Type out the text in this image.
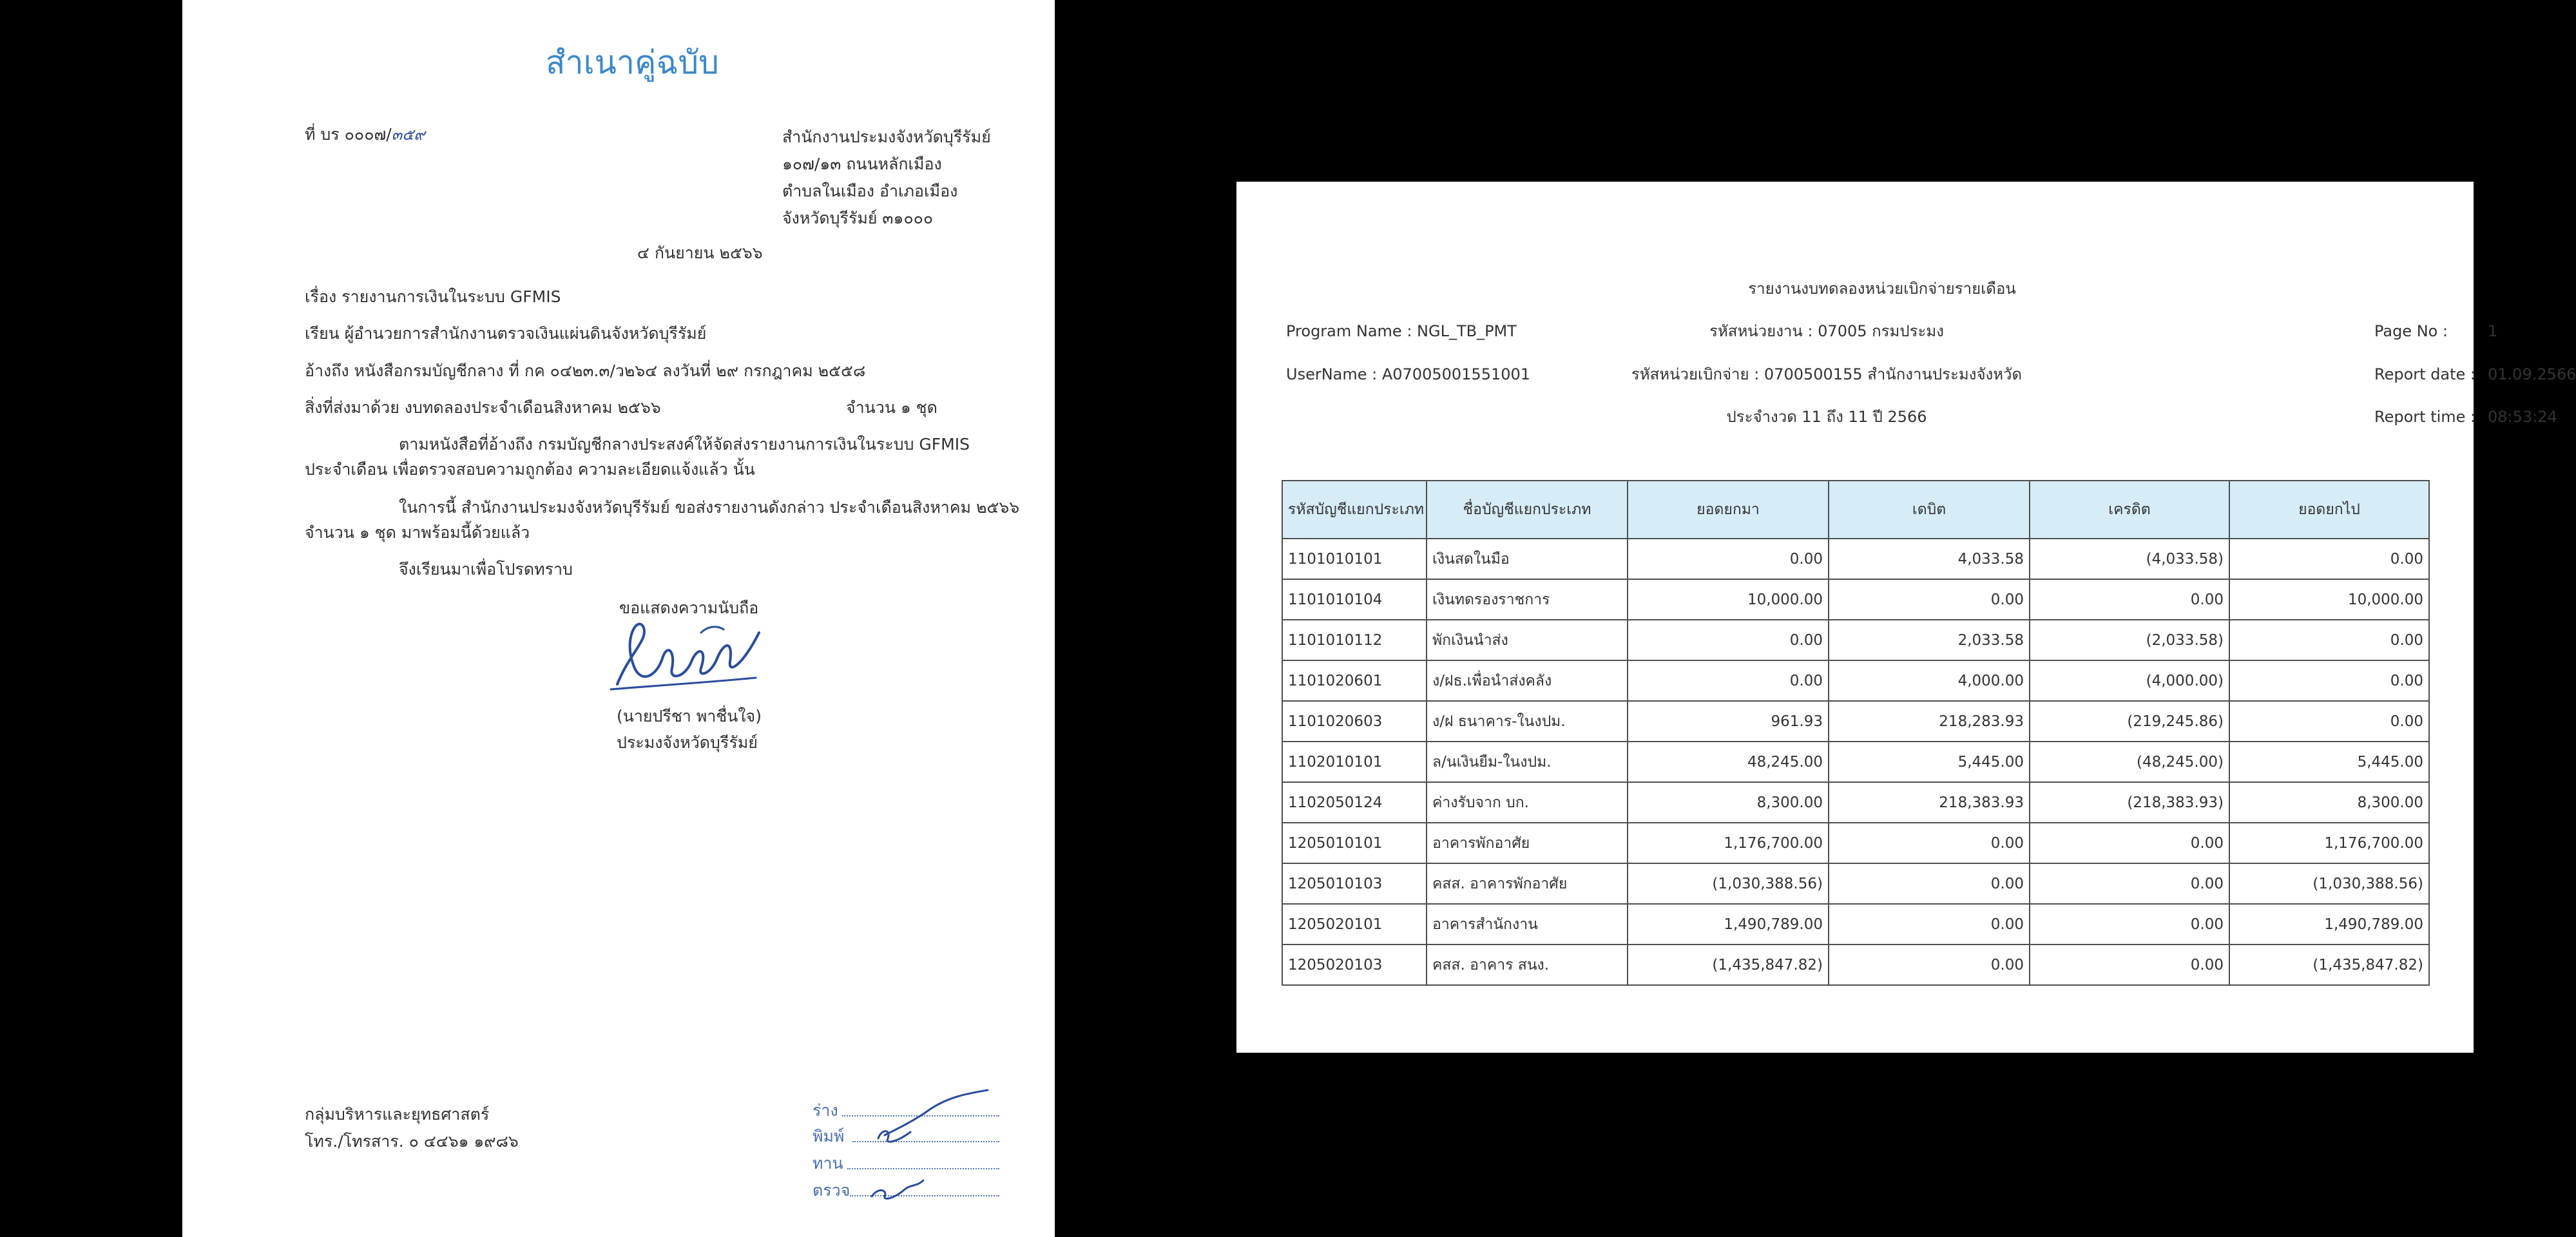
สำเนาคู่ฉบับ
ที่ บร ๐๐๐๗/๓๕๙	สำนักงานประมงจังหวัดบุรีรัมย์
๑๐๗/๑๓ ถนนหลักเมือง
ตำบลในเมือง อำเภอเมือง
จังหวัดบุรีรัมย์ ๓๑๐๐๐
๔ กันยายน ๒๕๖๖
เรื่อง รายงานการเงินในระบบ GFMIS
เรียน ผู้อำนวยการสำนักงานตรวจเงินแผ่นดินจังหวัดบุรีรัมย์
อ้างถึง หนังสือกรมบัญชีกลาง ที่ กค ๐๔๒๓.๓/ว๒๖๔ ลงวันที่ ๒๙ กรกฎาคม ๒๕๕๘
สิ่งที่ส่งมาด้วย งบทดลองประจำเดือนสิงหาคม ๒๕๖๖	จำนวน ๑ ชุด
ตามหนังสือที่อ้างถึง กรมบัญชีกลางประสงค์ให้จัดส่งรายงานการเงินในระบบ GFMIS
ประจำเดือน เพื่อตรวจสอบความถูกต้อง ความละเอียดแจ้งแล้ว นั้น
ในการนี้ สำนักงานประมงจังหวัดบุรีรัมย์ ขอส่งรายงานดังกล่าว ประจำเดือนสิงหาคม ๒๕๖๖
จำนวน ๑ ชุด มาพร้อมนี้ด้วยแล้ว
จึงเรียนมาเพื่อโปรดทราบ
ขอแสดงความนับถือ
(นายปรีชา พาชื่นใจ)
ประมงจังหวัดบุรีรัมย์
กลุ่มบริหารและยุทธศาสตร์
โทร./โทรสาร. ๐ ๔๔๖๑ ๑๙๘๖
ร่าง
พิมพ์
ทาน
ตรวจ
รายงานงบทดลองหน่วยเบิกจ่ายรายเดือน
Program Name : NGL_TB_PMT	รหัสหน่วยงาน : 07005 กรมประมง	Page No :	1
UserName : A07005001551001	รหัสหน่วยเบิกจ่าย : 0700500155 สำนักงานประมงจังหวัด	Report date : 01.09.2566
ประจำงวด 11 ถึง 11 ปี 2566	Report time : 08:53:24
รหัสบัญชีแยกประเภท	ชื่อบัญชีแยกประเภท	ยอดยกมา	เดบิต	เครดิต	ยอดยกไป
1101010101	เงินสดในมือ	0.00	4,033.58	(4,033.58)	0.00
1101010104	เงินทดรองราชการ	10,000.00	0.00	0.00	10,000.00
1101010112	พักเงินนำส่ง	0.00	2,033.58	(2,033.58)	0.00
1101020601	ง/ฝธ.เพื่อนำส่งคลัง	0.00	4,000.00	(4,000.00)	0.00
1101020603	ง/ฝ ธนาคาร-ในงปม.	961.93	218,283.93	(219,245.86)	0.00
1102010101	ล/นเงินยืม-ในงปม.	48,245.00	5,445.00	(48,245.00)	5,445.00
1102050124	ค่างรับจาก บก.	8,300.00	218,383.93	(218,383.93)	8,300.00
1205010101	อาคารพักอาศัย	1,176,700.00	0.00	0.00	1,176,700.00
1205010103	คสส. อาคารพักอาศัย	(1,030,388.56)	0.00	0.00	(1,030,388.56)
1205020101	อาคารสำนักงาน	1,490,789.00	0.00	0.00	1,490,789.00
1205020103	คสส. อาคาร สนง.	(1,435,847.82)	0.00	0.00	(1,435,847.82)
